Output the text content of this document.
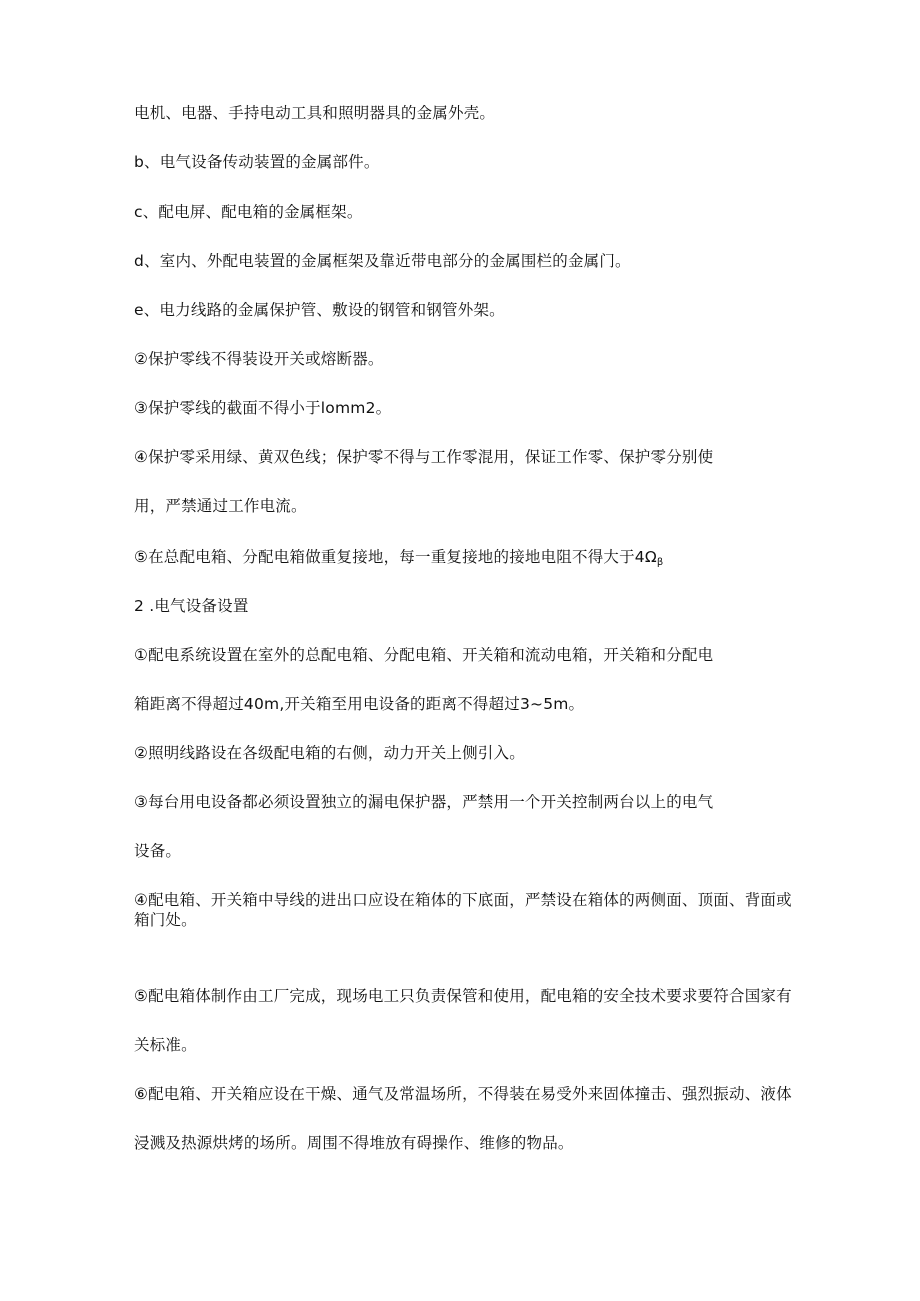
电机、电器、手持电动工具和照明器具的金属外壳。
b、电气设备传动装置的金属部件。
c、配电屏、配电箱的金属框架。
d、室内、外配电装置的金属框架及靠近带电部分的金属围栏的金属门。
e、电力线路的金属保护管、敷设的钢管和钢管外架。
②保护零线不得装设开关或熔断器。
③保护零线的截面不得小于lomm2。
④保护零采用绿、黄双色线；保护零不得与工作零混用，保证工作零、保护零分别使
用，严禁通过工作电流。
⑤在总配电箱、分配电箱做重复接地，每一重复接地的接地电阻不得大于$4\Omega_\beta$
2 .电气设备设置
①配电系统设置在室外的总配电箱、分配电箱、开关箱和流动电箱，开关箱和分配电
箱距离不得超过40m,开关箱至用电设备的距离不得超过3~5m。
②照明线路设在各级配电箱的右侧，动力开关上侧引入。
③每台用电设备都必须设置独立的漏电保护器，严禁用一个开关控制两台以上的电气
设备。
④配电箱、开关箱中导线的进出口应设在箱体的下底面，严禁设在箱体的两侧面、顶面、背面或箱门处。
⑤配电箱体制作由工厂完成，现场电工只负责保管和使用，配电箱的安全技术要求要符合国家有
关标准。
⑥配电箱、开关箱应设在干燥、通气及常温场所，不得装在易受外来固体撞击、强烈振动、液体
浸溅及热源烘烤的场所。周围不得堆放有碍操作、维修的物品。
